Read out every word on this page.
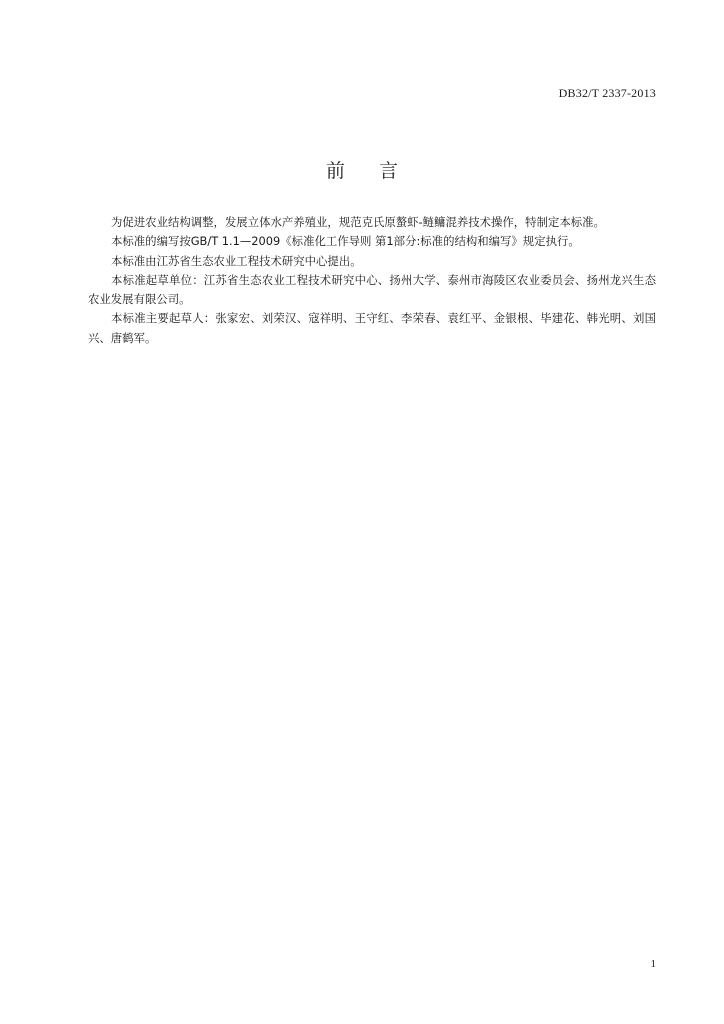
DB32/T 2337-2013
前言

为促进农业结构调整，发展立体水产养殖业，规范克氏原螯虾-鲢鳙混养技术操作，特制定本标准。

本标准的编写按GB/T 1.1—2009《标准化工作导则 第1部分:标准的结构和编写》规定执行。

本标准由江苏省生态农业工程技术研究中心提出。

本标准起草单位：江苏省生态农业工程技术研究中心、扬州大学、泰州市海陵区农业委员会、扬州龙兴生态农业发展有限公司。

本标准主要起草人：张家宏、刘荣汉、寇祥明、王守红、李荣春、袁红平、金银根、毕建花、韩光明、刘国兴、唐鹤军。

1
